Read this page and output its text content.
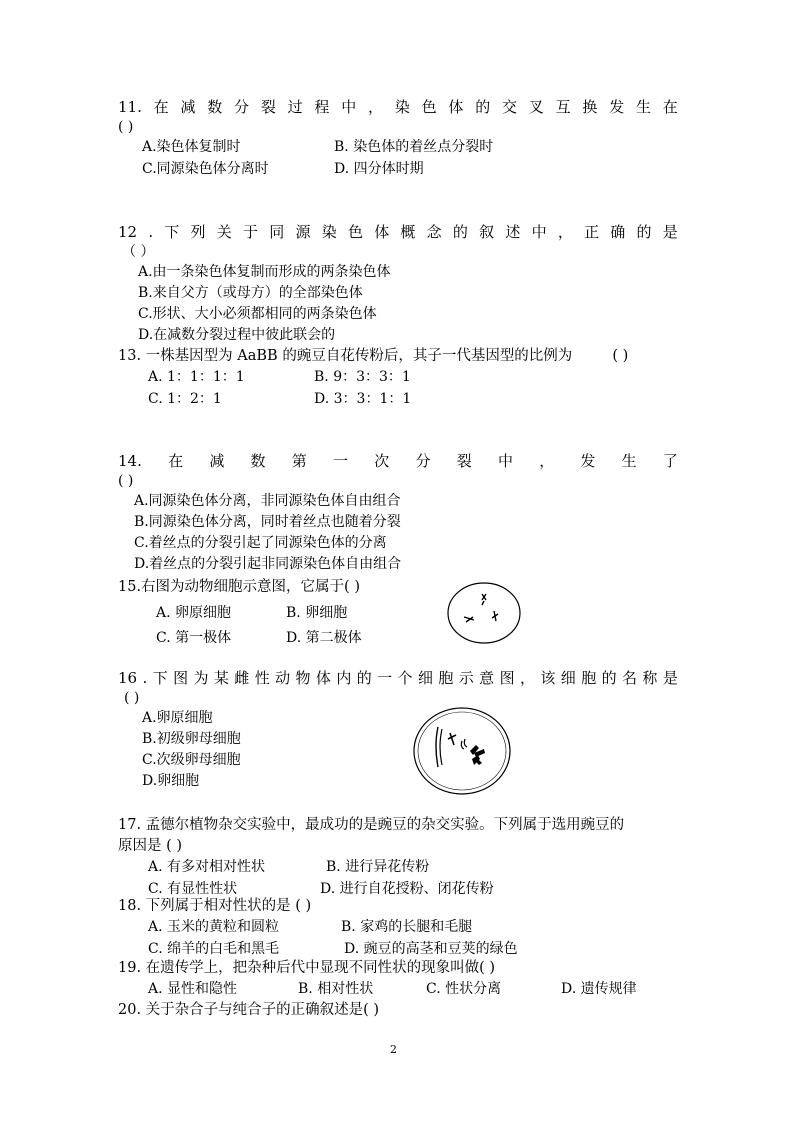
11. 在 减 数 分 裂 过 程 中 ， 染 色 体 的 交 叉 互 换 发 生 在
( )
A.染色体复制时	B. 染色体的着丝点分裂时
C.同源染色体分离时	D. 四分体时期
12 . 下 列 关 于 同 源 染 色 体 概 念 的 叙 述 中 ， 正 确 的 是
（ ）
A.由一条染色体复制而形成的两条染色体
B.来自父方（或母方）的全部染色体
C.形状、大小必须都相同的两条染色体
D.在减数分裂过程中彼此联会的
13. 一株基因型为 AaBB 的豌豆自花传粉后，其子一代基因型的比例为	( )
A. 1：1：1：1	B. 9：3：3：1
C. 1：2：1	D. 3：3：1：1
14. 在 减 数 第 一 次 分 裂 中 ， 发 生 了
( )
A.同源染色体分离，非同源染色体自由组合
B.同源染色体分离，同时着丝点也随着分裂
C.着丝点的分裂引起了同源染色体的分离
D.着丝点的分裂引起非同源染色体自由组合
15.右图为动物细胞示意图，它属于( )
A. 卵原细胞	B. 卵细胞
C. 第一极体	D. 第二极体
16 . 下 图 为 某 雌 性 动 物 体 内 的 一 个 细 胞 示 意 图 ， 该 细 胞 的 名 称 是
( )
A.卵原细胞
B.初级卵母细胞
C.次级卵母细胞
D.卵细胞
17. 孟德尔植物杂交实验中，最成功的是豌豆的杂交实验。下列属于选用豌豆的
原因是 ( )
A. 有多对相对性状	B. 进行异花传粉
C. 有显性性状	D. 进行自花授粉、闭花传粉
18. 下列属于相对性状的是 ( )
A. 玉米的黄粒和圆粒	B. 家鸡的长腿和毛腿
C. 绵羊的白毛和黑毛	D. 豌豆的高茎和豆荚的绿色
19. 在遗传学上，把杂种后代中显现不同性状的现象叫做( )
A. 显性和隐性	B. 相对性状	C. 性状分离	D. 遗传规律
20. 关于杂合子与纯合子的正确叙述是( )
2
